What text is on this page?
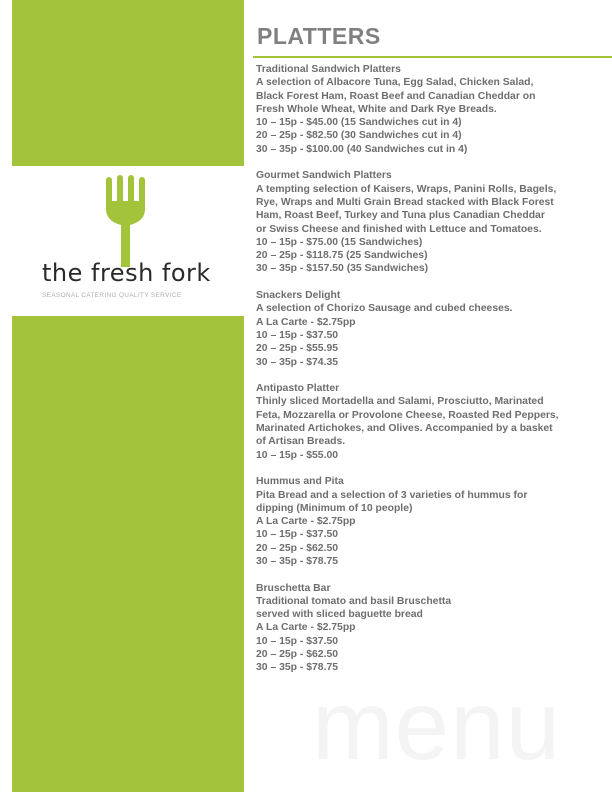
the fresh fork
SEASONAL CATERING QUALITY SERVICE
PLATTERS
Traditional Sandwich Platters
A selection of Albacore Tuna, Egg Salad, Chicken Salad,
Black Forest Ham, Roast Beef and Canadian Cheddar on
Fresh Whole Wheat, White and Dark Rye Breads.
10 – 15p - $45.00 (15 Sandwiches cut in 4)
20 – 25p - $82.50 (30 Sandwiches cut in 4)
30 – 35p - $100.00 (40 Sandwiches cut in 4)
Gourmet Sandwich Platters
A tempting selection of Kaisers, Wraps, Panini Rolls, Bagels,
Rye, Wraps and Multi Grain Bread stacked with Black Forest
Ham, Roast Beef, Turkey and Tuna plus Canadian Cheddar
or Swiss Cheese and finished with Lettuce and Tomatoes.
10 – 15p - $75.00 (15 Sandwiches)
20 – 25p - $118.75 (25 Sandwiches)
30 – 35p - $157.50 (35 Sandwiches)
Snackers Delight
A selection of Chorizo Sausage and cubed cheeses.
A La Carte - $2.75pp
10 – 15p - $37.50
20 – 25p - $55.95
30 – 35p - $74.35
Antipasto Platter
Thinly sliced Mortadella and Salami, Prosciutto, Marinated
Feta, Mozzarella or Provolone Cheese, Roasted Red Peppers,
Marinated Artichokes, and Olives. Accompanied by a basket
of Artisan Breads.
10 – 15p - $55.00
Hummus and Pita
Pita Bread and a selection of 3 varieties of hummus for
dipping (Minimum of 10 people)
A La Carte - $2.75pp
10 – 15p - $37.50
20 – 25p - $62.50
30 – 35p - $78.75
Bruschetta Bar
Traditional tomato and basil Bruschetta
served with sliced baguette bread
A La Carte - $2.75pp
10 – 15p - $37.50
20 – 25p - $62.50
30 – 35p - $78.75
menu
